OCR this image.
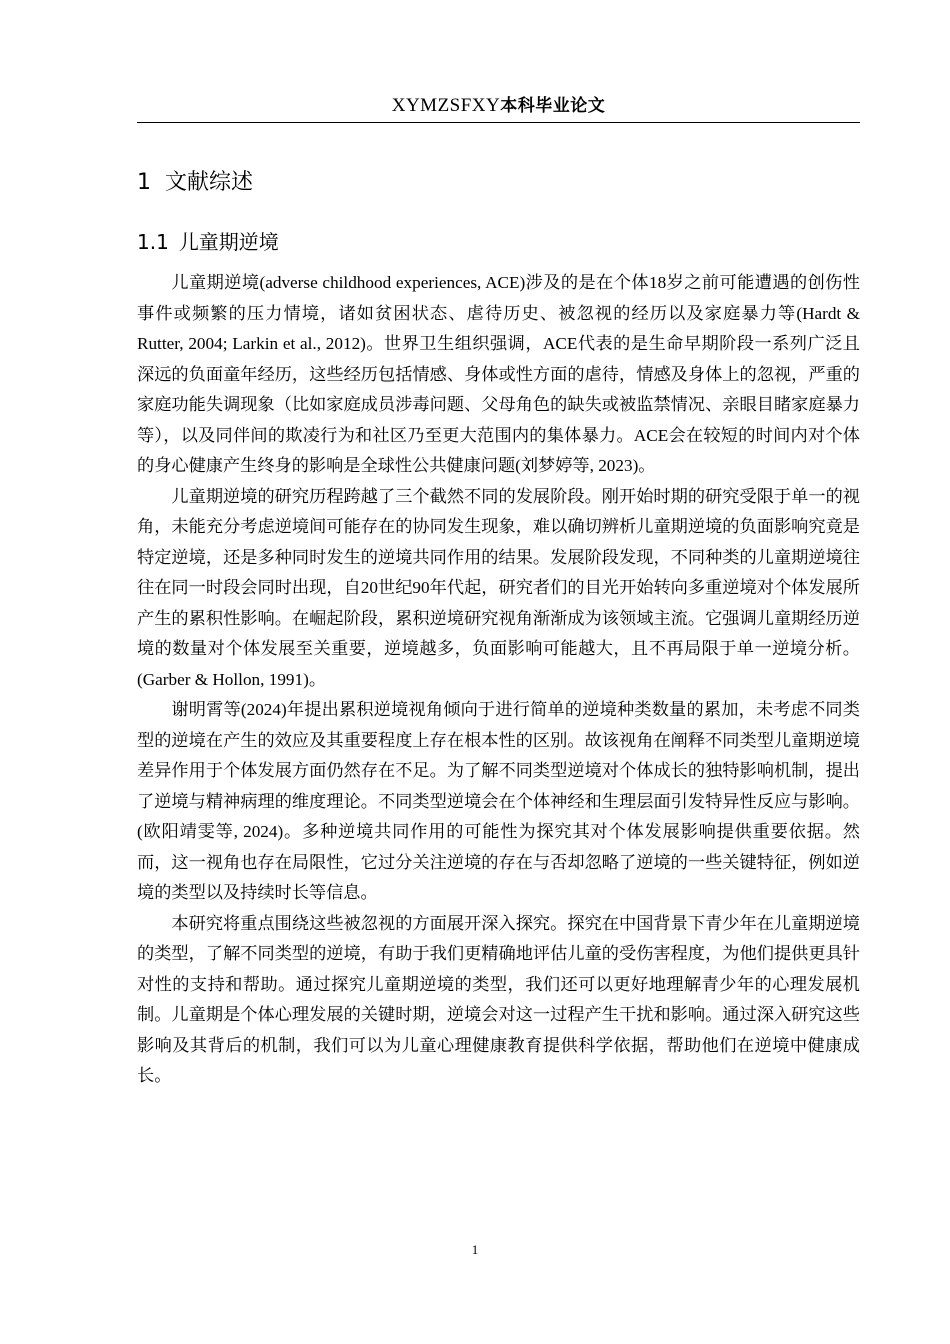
XYMZSFXY本科毕业论文
1 文献综述
1.1 儿童期逆境

儿童期逆境(adverse childhood experiences, ACE)涉及的是在个体18岁之前可能遭遇的创伤性事件或频繁的压力情境，诸如贫困状态、虐待历史、被忽视的经历以及家庭暴力等(Hardt & Rutter, 2004; Larkin et al., 2012)。世界卫生组织强调，ACE代表的是生命早期阶段一系列广泛且深远的负面童年经历，这些经历包括情感、身体或性方面的虐待，情感及身体上的忽视，严重的家庭功能失调现象（比如家庭成员涉毒问题、父母角色的缺失或被监禁情况、亲眼目睹家庭暴力等），以及同伴间的欺凌行为和社区乃至更大范围内的集体暴力。ACE会在较短的时间内对个体的身心健康产生终身的影响是全球性公共健康问题(刘梦婷等, 2023)。

儿童期逆境的研究历程跨越了三个截然不同的发展阶段。刚开始时期的研究受限于单一的视角，未能充分考虑逆境间可能存在的协同发生现象，难以确切辨析儿童期逆境的负面影响究竟是特定逆境，还是多种同时发生的逆境共同作用的结果。发展阶段发现，不同种类的儿童期逆境往往在同一时段会同时出现，自20世纪90年代起，研究者们的目光开始转向多重逆境对个体发展所产生的累积性影响。在崛起阶段，累积逆境研究视角渐渐成为该领域主流。它强调儿童期经历逆境的数量对个体发展至关重要，逆境越多，负面影响可能越大，且不再局限于单一逆境分析。(Garber & Hollon, 1991)。

谢明霄等(2024)年提出累积逆境视角倾向于进行简单的逆境种类数量的累加，未考虑不同类型的逆境在产生的效应及其重要程度上存在根本性的区别。故该视角在阐释不同类型儿童期逆境差异作用于个体发展方面仍然存在不足。为了解不同类型逆境对个体成长的独特影响机制，提出了逆境与精神病理的维度理论。不同类型逆境会在个体神经和生理层面引发特异性反应与影响。(欧阳靖雯等, 2024)。多种逆境共同作用的可能性为探究其对个体发展影响提供重要依据。然而，这一视角也存在局限性，它过分关注逆境的存在与否却忽略了逆境的一些关键特征，例如逆境的类型以及持续时长等信息。

本研究将重点围绕这些被忽视的方面展开深入探究。探究在中国背景下青少年在儿童期逆境的类型，了解不同类型的逆境，有助于我们更精确地评估儿童的受伤害程度，为他们提供更具针对性的支持和帮助。通过探究儿童期逆境的类型，我们还可以更好地理解青少年的心理发展机制。儿童期是个体心理发展的关键时期，逆境会对这一过程产生干扰和影响。通过深入研究这些影响及其背后的机制，我们可以为儿童心理健康教育提供科学依据，帮助他们在逆境中健康成长。

1
